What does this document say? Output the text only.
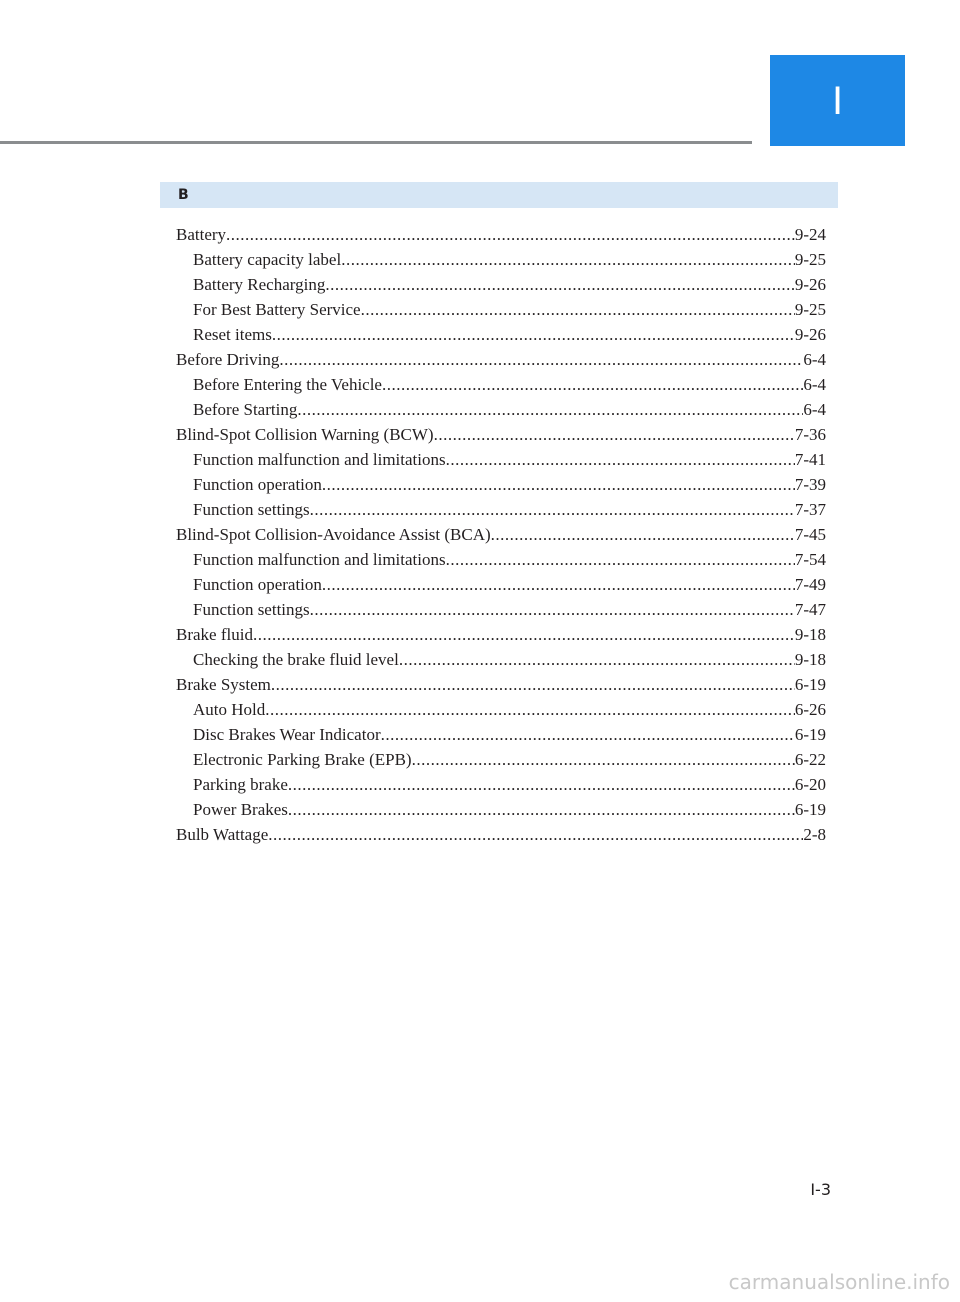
I
B
Battery .....	9-24
Battery capacity label .....	9-25
Battery Recharging .....	9-26
For Best Battery Service .....	9-25
Reset items .....	9-26
Before Driving .....	6-4
Before Entering the Vehicle .....	6-4
Before Starting .....	6-4
Blind-Spot Collision Warning (BCW) .....	7-36
Function malfunction and limitations .....	7-41
Function operation .....	7-39
Function settings .....	7-37
Blind-Spot Collision-Avoidance Assist (BCA) .....	7-45
Function malfunction and limitations .....	7-54
Function operation .....	7-49
Function settings .....	7-47
Brake fluid .....	9-18
Checking the brake fluid level .....	9-18
Brake System .....	6-19
Auto Hold .....	6-26
Disc Brakes Wear Indicator .....	6-19
Electronic Parking Brake (EPB) .....	6-22
Parking brake .....	6-20
Power Brakes .....	6-19
Bulb Wattage .....	2-8
I-3
carmanualsonline.info
